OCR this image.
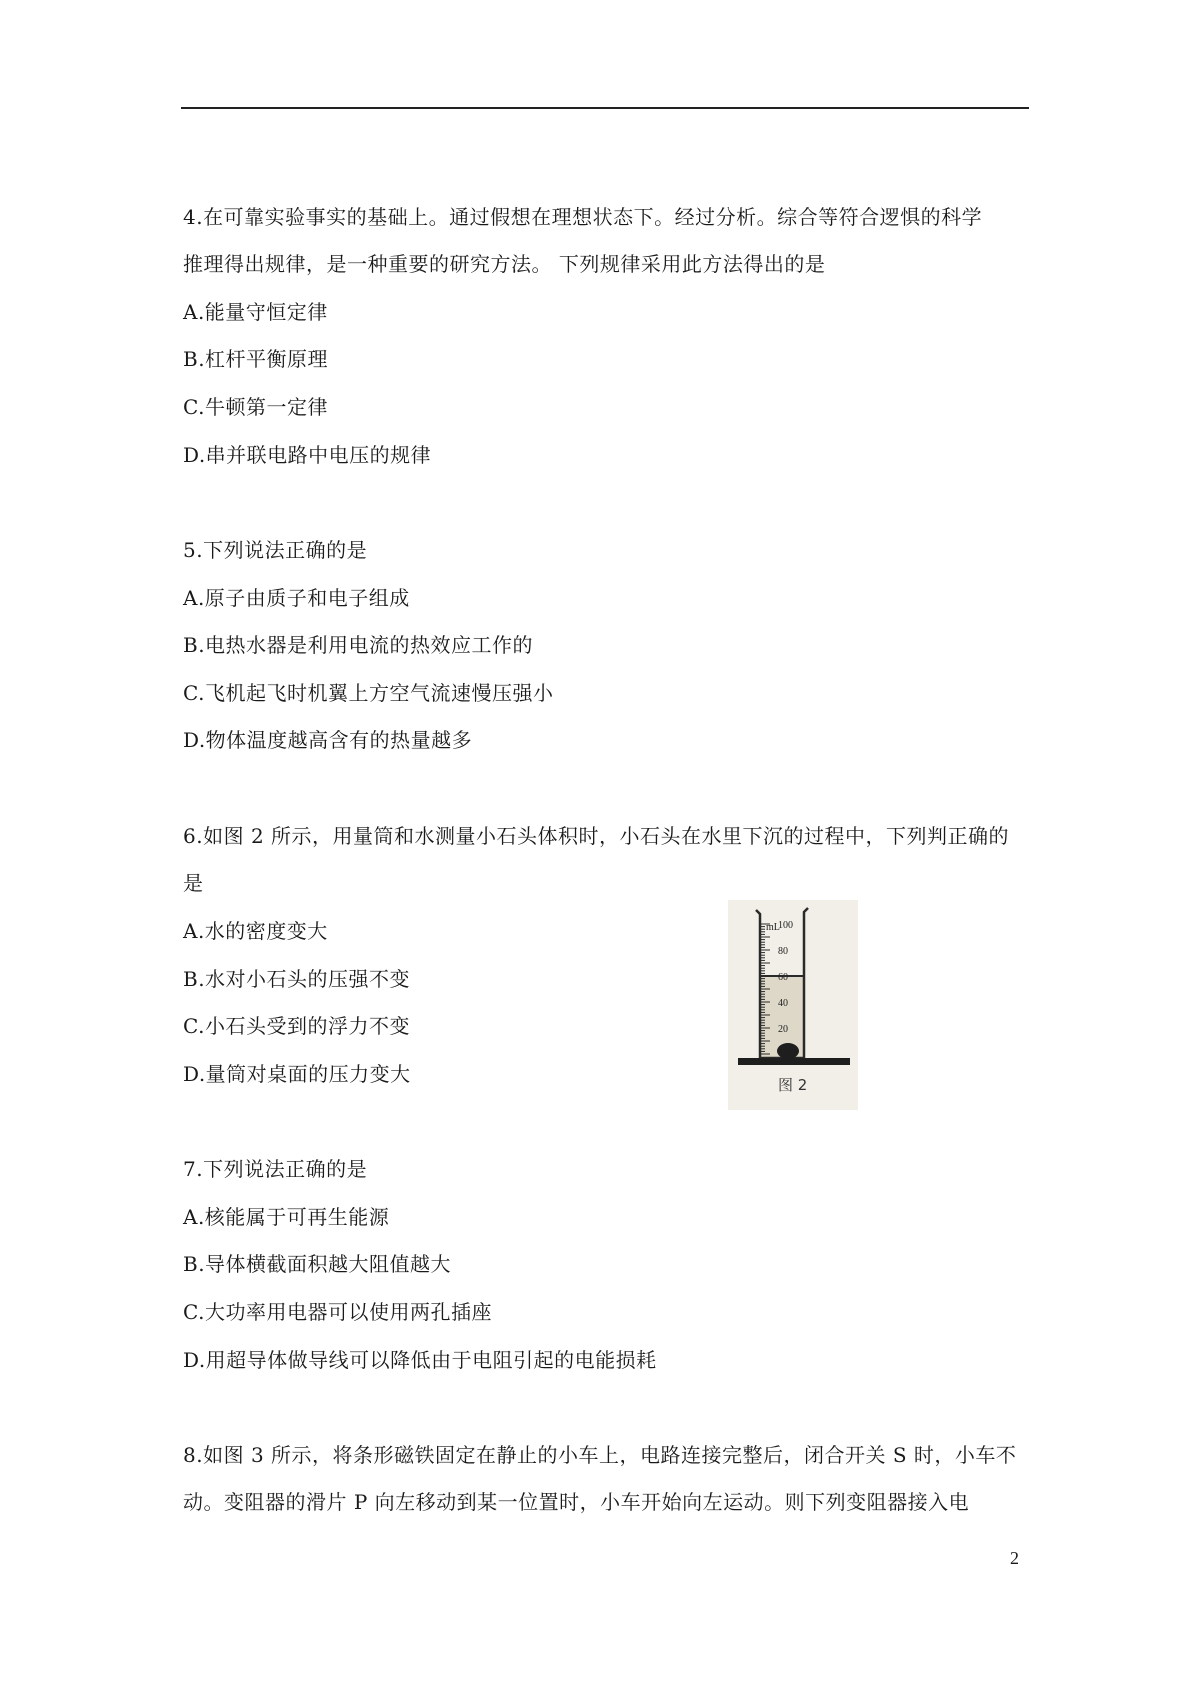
4.在可靠实验事实的基础上。通过假想在理想状态下。经过分析。综合等符合逻惧的科学
推理得出规律，是一种重要的研究方法。 下列规律采用此方法得出的是
A.能量守恒定律
B.杠杆平衡原理
C.牛顿第一定律
D.串并联电路中电压的规律
5.下列说法正确的是
A.原子由质子和电子组成
B.电热水器是利用电流的热效应工作的
C.飞机起飞时机翼上方空气流速慢压强小
D.物体温度越高含有的热量越多
6.如图 2 所示，用量筒和水测量小石头体积时，小石头在水里下沉的过程中，下列判正确的
是
A.水的密度变大
B.水对小石头的压强不变
C.小石头受到的浮力不变
D.量筒对桌面的压力变大
mL
100
80
60
40
20
图 2
7.下列说法正确的是
A.核能属于可再生能源
B.导体横截面积越大阻值越大
C.大功率用电器可以使用两孔插座
D.用超导体做导线可以降低由于电阻引起的电能损耗
8.如图 3 所示，将条形磁铁固定在静止的小车上，电路连接完整后，闭合开关 S 时，小车不
动。变阻器的滑片 P 向左移动到某一位置时，小车开始向左运动。则下列变阻器接入电
2
